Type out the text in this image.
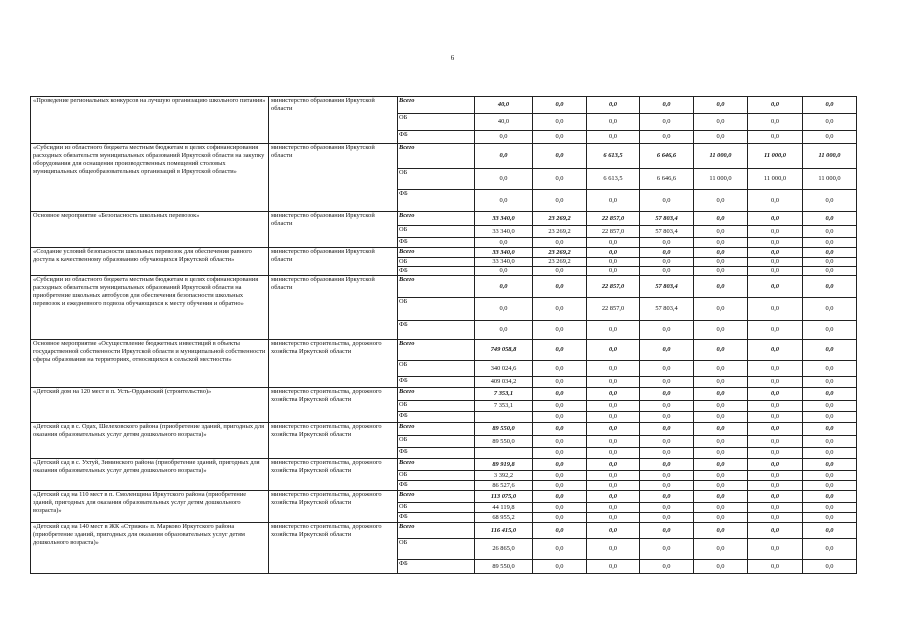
6
«Проведение региональных конкурсов на лучшую организацию школьного питания»	министерство образования Иркутской области	Всего	40,0	0,0	0,0	0,0	0,0	0,0	0,0
		ОБ	40,0	0,0	0,0	0,0	0,0	0,0	0,0
		ФБ	0,0	0,0	0,0	0,0	0,0	0,0	0,0
«Субсидии из областного бюджета местным бюджетам в целях софинансирования расходных обязательств муниципальных образований Иркутской области на закупку оборудования для оснащения производственных помещений столовых муниципальных общеобразовательных организаций в Иркутской области»	министерство образования Иркутской области	Всего	0,0	0,0	6 613,5	6 646,6	11 000,0	11 000,0	11 000,0
		ОБ	0,0	0,0	6 613,5	6 646,6	11 000,0	11 000,0	11 000,0
		ФБ	0,0	0,0	0,0	0,0	0,0	0,0	0,0
Основное мероприятие «Безопасность школьных перевозок»	министерство образования Иркутской области	Всего	33 340,0	23 269,2	22 857,0	57 803,4	0,0	0,0	0,0
		ОБ	33 340,0	23 269,2	22 857,0	57 803,4	0,0	0,0	0,0
		ФБ	0,0	0,0	0,0	0,0	0,0	0,0	0,0
«Создание условий безопасности школьных перевозок для обеспечения равного доступа к качественному образованию обучающихся Иркутской области»	министерство образования Иркутской области	Всего	33 340,0	23 269,2	0,0	0,0	0,0	0,0	0,0
		ОБ	33 340,0	23 269,2	0,0	0,0	0,0	0,0	0,0
		ФБ	0,0	0,0	0,0	0,0	0,0	0,0	0,0
«Субсидии из областного бюджета местным бюджетам в целях софинансирования расходных обязательств муниципальных образований Иркутской области на приобретение школьных автобусов для обеспечения безопасности школьных перевозок и ежедневного подвоза обучающихся к месту обучения и обратно»	министерство образования Иркутской области	Всего	0,0	0,0	22 857,0	57 803,4	0,0	0,0	0,0
		ОБ	0,0	0,0	22 857,0	57 803,4	0,0	0,0	0,0
		ФБ	0,0	0,0	0,0	0,0	0,0	0,0	0,0
Основное мероприятие «Осуществление бюджетных инвестиций в объекты государственной собственности Иркутской области и муниципальной собственности сферы образования на территориях, относящихся к сельской местности»	министерство строительства, дорожного хозяйства Иркутской области	Всего	749 058,8	0,0	0,0	0,0	0,0	0,0	0,0
		ОБ	340 024,6	0,0	0,0	0,0	0,0	0,0	0,0
		ФБ	409 034,2	0,0	0,0	0,0	0,0	0,0	0,0
«Детский дом на 120 мест в п. Усть-Ордынский (строительство)»	министерство строительства, дорожного хозяйства Иркутской области	Всего	7 353,1	0,0	0,0	0,0	0,0	0,0	0,0
		ОБ	7 353,1	0,0	0,0	0,0	0,0	0,0	0,0
		ФБ		0,0	0,0	0,0	0,0	0,0	0,0
«Детский сад в с. Одах, Шелеховского района (приобретение зданий, пригодных для оказания образовательных услуг детям дошкольного возраста)»	министерство строительства, дорожного хозяйства Иркутской области	Всего	89 550,0	0,0	0,0	0,0	0,0	0,0	0,0
		ОБ	89 550,0	0,0	0,0	0,0	0,0	0,0	0,0
		ФБ		0,0	0,0	0,0	0,0	0,0	0,0
«Детский сад в с. Ухтуй, Зиминского района (приобретение зданий, пригодных для оказания образовательных услуг детям дошкольного возраста)»	министерство строительства, дорожного хозяйства Иркутской области	Всего	89 919,8	0,0	0,0	0,0	0,0	0,0	0,0
		ОБ	3 392,2	0,0	0,0	0,0	0,0	0,0	0,0
		ФБ	86 527,6	0,0	0,0	0,0	0,0	0,0	0,0
«Детский сад на 110 мест в п. Смоленщина Иркутского района (приобретение зданий, пригодных для оказания образовательных услуг детям дошкольного возраста)»	министерство строительства, дорожного хозяйства Иркутской области	Всего	113 075,0	0,0	0,0	0,0	0,0	0,0	0,0
		ОБ	44 119,8	0,0	0,0	0,0	0,0	0,0	0,0
		ФБ	68 955,2	0,0	0,0	0,0	0,0	0,0	0,0
«Детский сад на 140 мест в ЖК «Стрижи» п. Марково Иркутского района (приобретение зданий, пригодных для оказания образовательных услуг детям дошкольного возраста)»	министерство строительства, дорожного хозяйства Иркутской области	Всего	116 415,0	0,0	0,0	0,0	0,0	0,0	0,0
		ОБ	26 865,0	0,0	0,0	0,0	0,0	0,0	0,0
		ФБ	89 550,0	0,0	0,0	0,0	0,0	0,0	0,0
